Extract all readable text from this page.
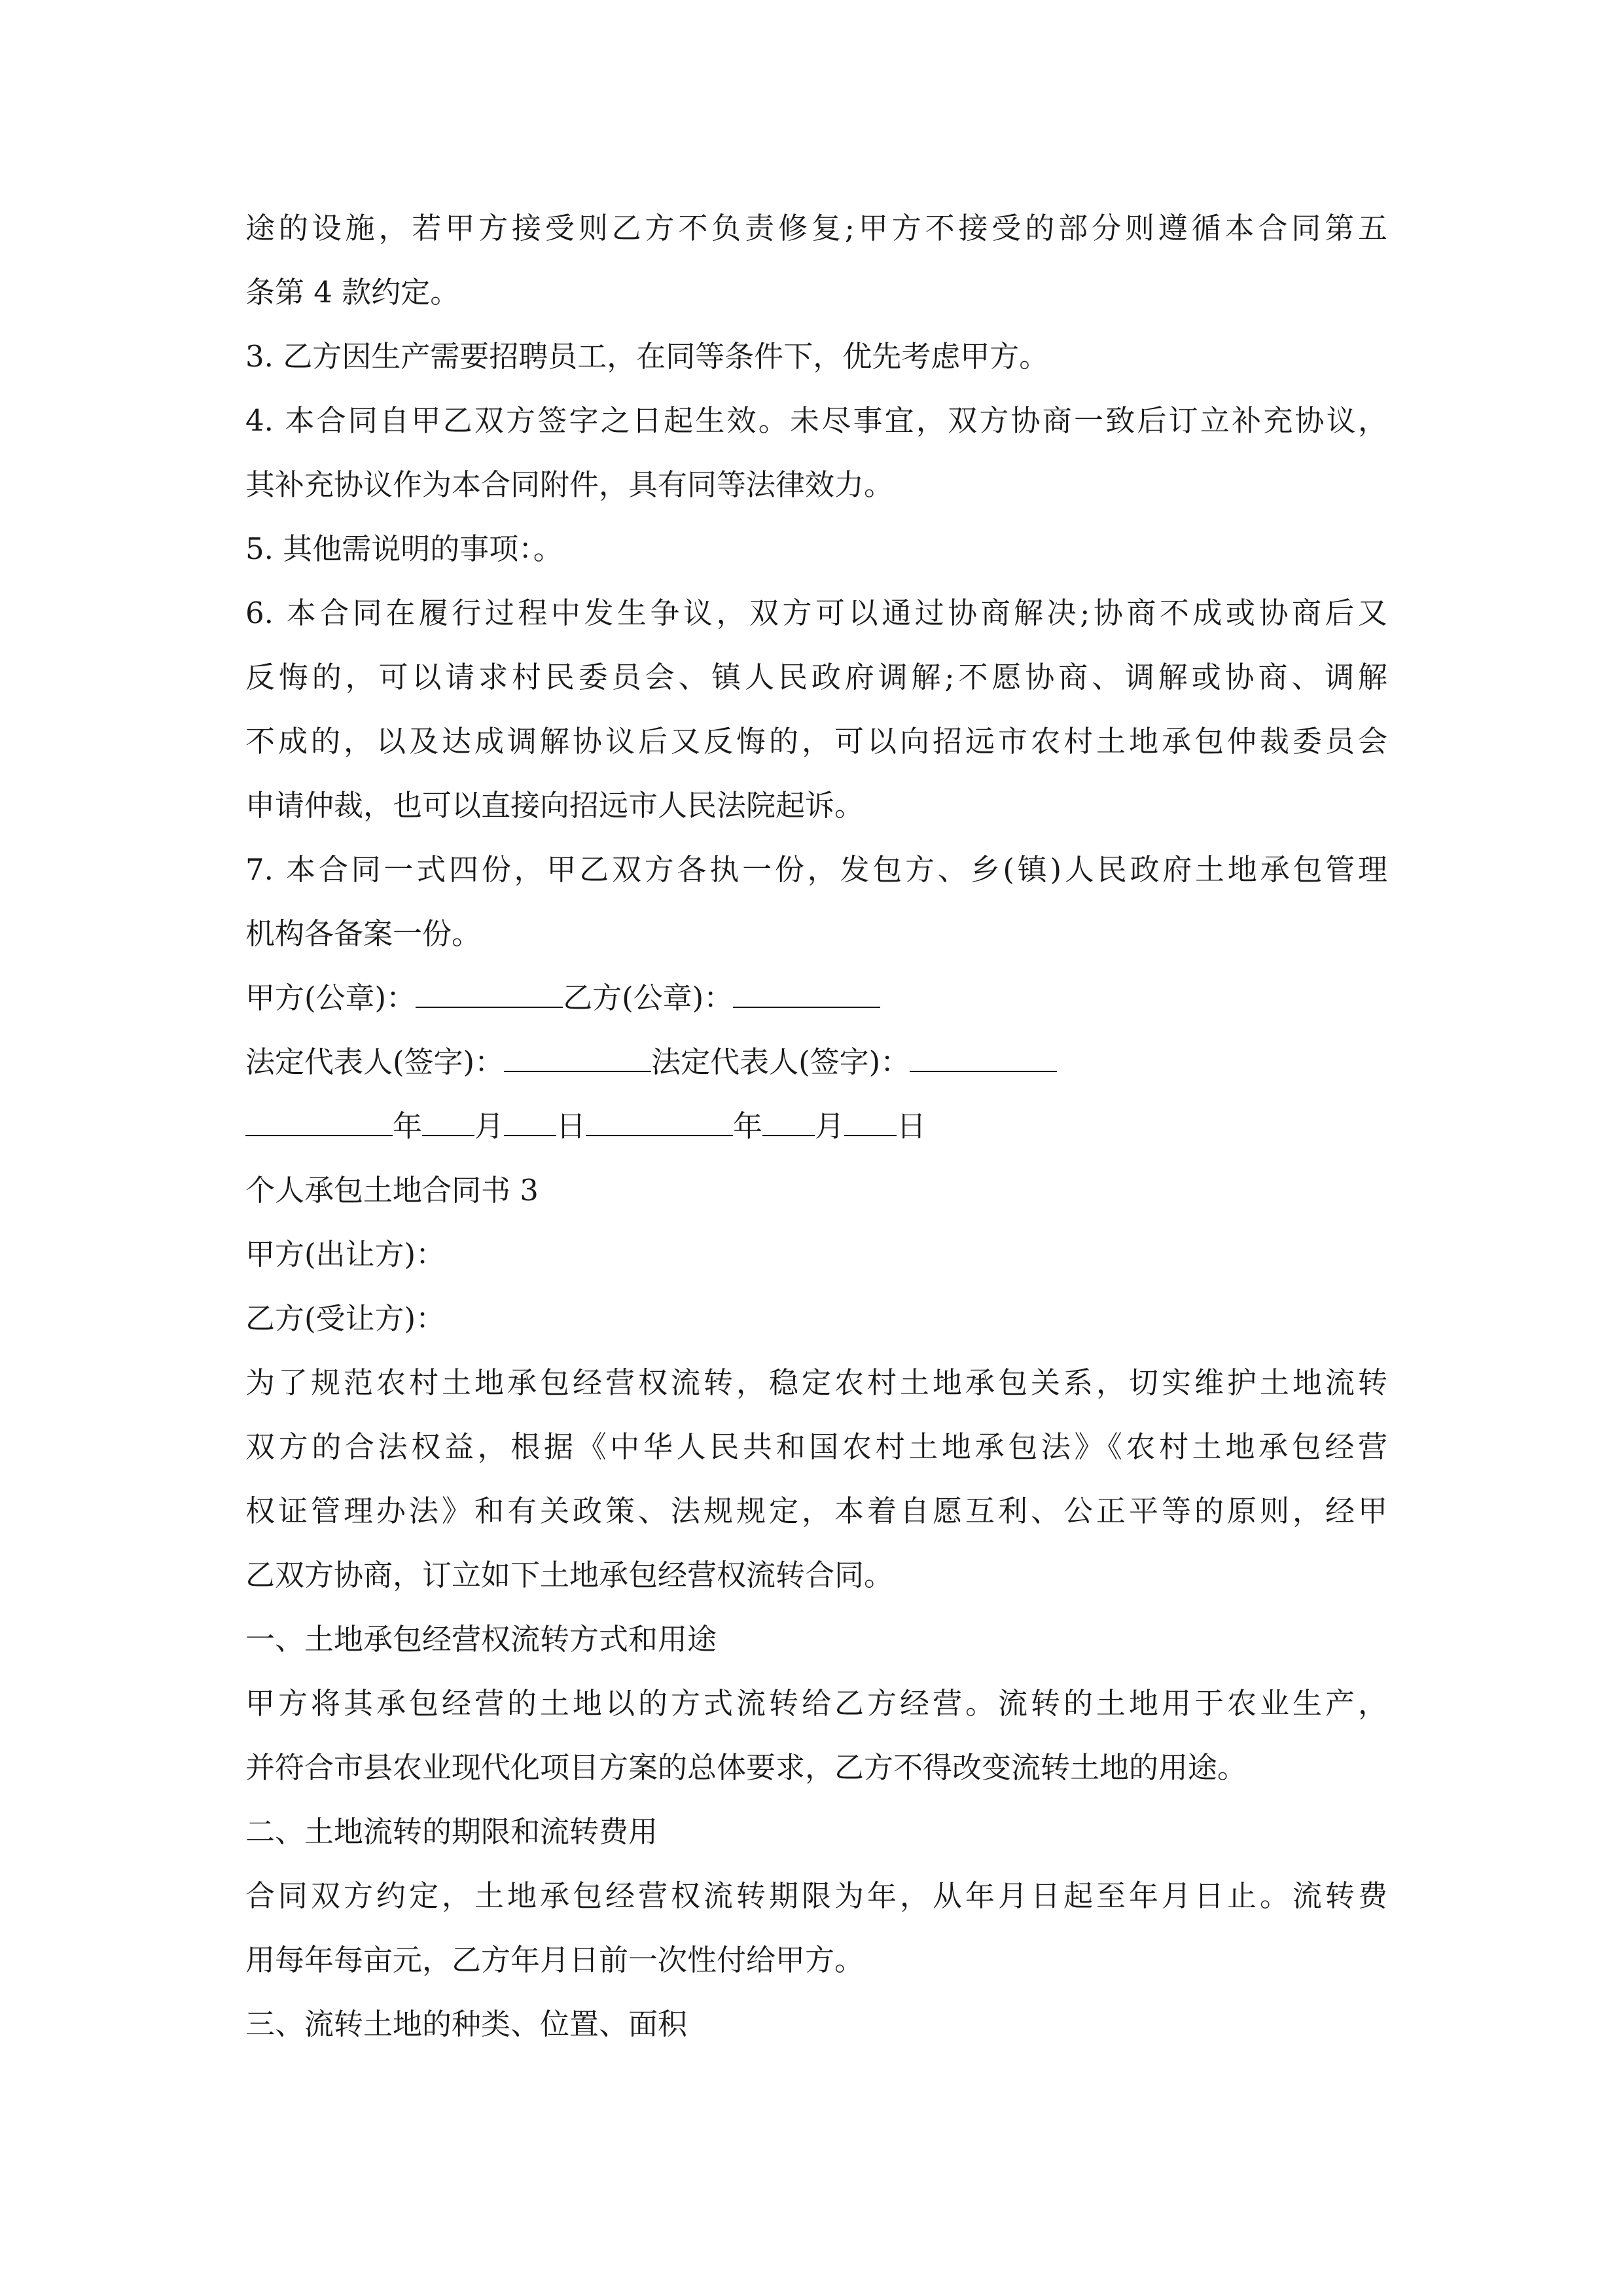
途的设施，若甲方接受则乙方不负责修复;甲方不接受的部分则遵循本合同第五
条第 4 款约定。
3. 乙方因生产需要招聘员工，在同等条件下，优先考虑甲方。
4. 本合同自甲乙双方签字之日起生效。未尽事宜，双方协商一致后订立补充协议，
其补充协议作为本合同附件，具有同等法律效力。
5. 其他需说明的事项：。
6. 本合同在履行过程中发生争议，双方可以通过协商解决;协商不成或协商后又
反悔的，可以请求村民委员会、镇人民政府调解;不愿协商、调解或协商、调解
不成的，以及达成调解协议后又反悔的，可以向招远市农村土地承包仲裁委员会
申请仲裁，也可以直接向招远市人民法院起诉。
7. 本合同一式四份，甲乙双方各执一份，发包方、乡(镇)人民政府土地承包管理
机构各备案一份。
甲方(公章)：	乙方(公章)：
法定代表人(签字)：	法定代表人(签字)：
年 月 日	年 月 日
个人承包土地合同书 3
甲方(出让方)：
乙方(受让方)：
为了规范农村土地承包经营权流转，稳定农村土地承包关系，切实维护土地流转
双方的合法权益，根据《中华人民共和国农村土地承包法》《农村土地承包经营
权证管理办法》和有关政策、法规规定，本着自愿互利、公正平等的原则，经甲
乙双方协商，订立如下土地承包经营权流转合同。
一、土地承包经营权流转方式和用途
甲方将其承包经营的土地以的方式流转给乙方经营。流转的土地用于农业生产，
并符合市县农业现代化项目方案的总体要求，乙方不得改变流转土地的用途。
二、土地流转的期限和流转费用
合同双方约定，土地承包经营权流转期限为年，从年月日起至年月日止。流转费
用每年每亩元，乙方年月日前一次性付给甲方。
三、流转土地的种类、位置、面积
